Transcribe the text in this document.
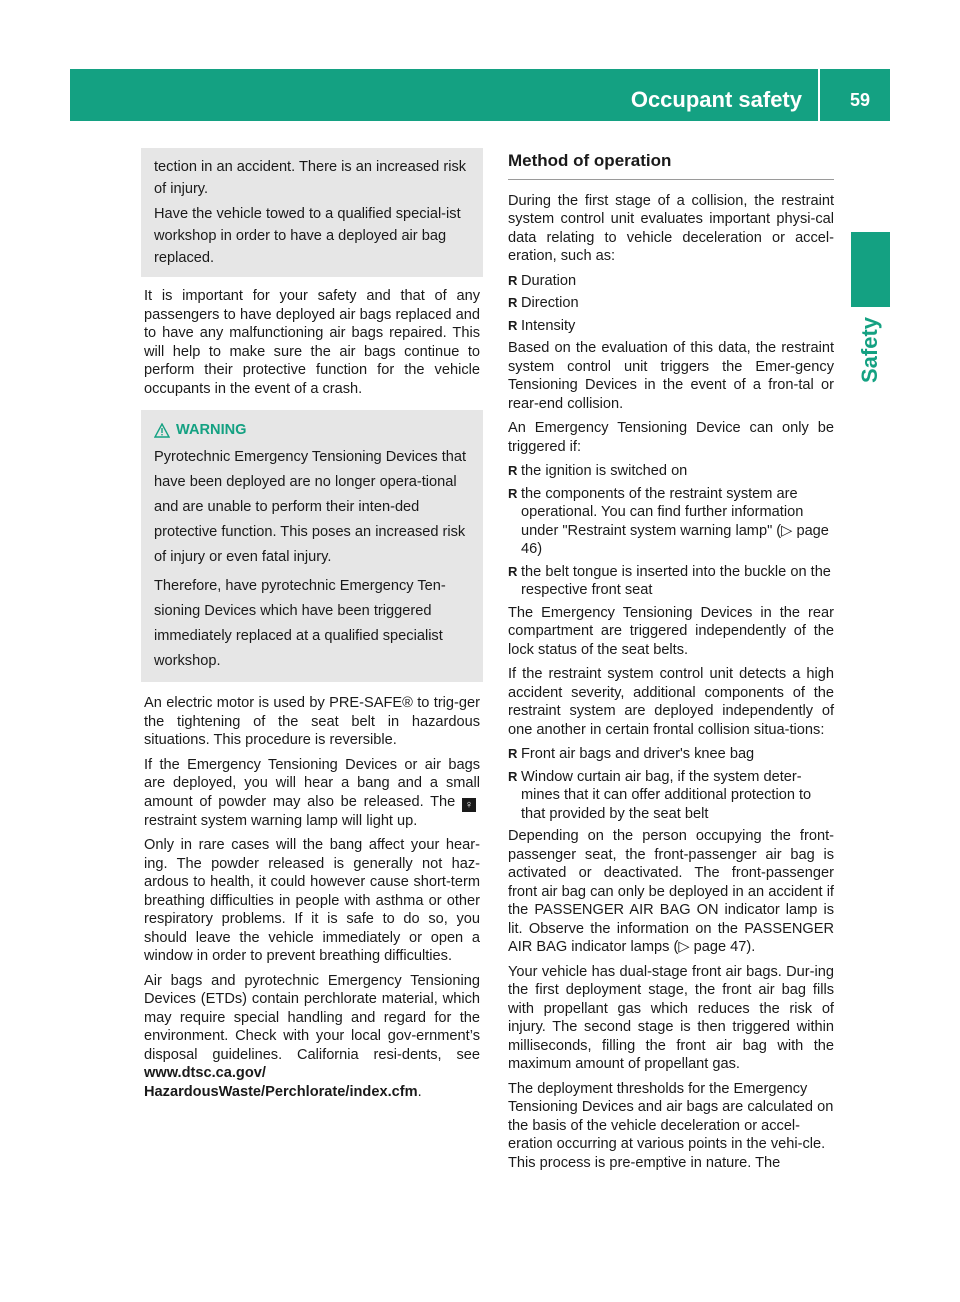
Occupant safety	59
Safety

tection in an accident. There is an increased risk of injury.

Have the vehicle towed to a qualified special-ist workshop in order to have a deployed air bag replaced.

It is important for your safety and that of any passengers to have deployed air bags replaced and to have any malfunctioning air bags repaired. This will help to make sure the air bags continue to perform their protective function for the vehicle occupants in the event of a crash.

WARNING

Pyrotechnic Emergency Tensioning Devices that have been deployed are no longer opera-tional and are unable to perform their inten-ded protective function. This poses an increased risk of injury or even fatal injury.

Therefore, have pyrotechnic Emergency Ten-sioning Devices which have been triggered immediately replaced at a qualified specialist workshop.

An electric motor is used by PRE-SAFE® to trig-ger the tightening of the seat belt in hazardous situations. This procedure is reversible.

If the Emergency Tensioning Devices or air bags are deployed, you will hear a bang and a small amount of powder may also be released. The ♀restraint system warning lamp will light up.

Only in rare cases will the bang affect your hear-ing. The powder released is generally not haz-ardous to health, it could however cause short-term breathing difficulties in people with asthma or other respiratory problems. If it is safe to do so, you should leave the vehicle immediately or open a window in order to prevent breathing difficulties.

Air bags and pyrotechnic Emergency Tensioning Devices (ETDs) contain perchlorate material, which may require special handling and regard for the environment. Check with your local gov-ernment’s disposal guidelines. California resi-dents, see www.dtsc.ca.gov/ HazardousWaste/Perchlorate/index.cfm.

Method of operation

During the first stage of a collision, the restraint system control unit evaluates important physi-cal data relating to vehicle deceleration or accel-eration, such as:

R Duration
R Direction
R Intensity

Based on the evaluation of this data, the restraint system control unit triggers the Emer-gency Tensioning Devices in the event of a fron-tal or rear-end collision.

An Emergency Tensioning Device can only be triggered if:

R the ignition is switched on
R the components of the restraint system are operational. You can find further information under "Restraint system warning lamp" (▷ page 46)
R the belt tongue is inserted into the buckle on the respective front seat

The Emergency Tensioning Devices in the rear compartment are triggered independently of the lock status of the seat belts.

If the restraint system control unit detects a high accident severity, additional components of the restraint system are deployed independently of one another in certain frontal collision situa-tions:

R Front air bags and driver's knee bag
R Window curtain air bag, if the system deter-mines that it can offer additional protection to that provided by the seat belt

Depending on the person occupying the front-passenger seat, the front-passenger air bag is activated or deactivated. The front-passenger front air bag can only be deployed in an accident if the PASSENGER AIR BAG ON indicator lamp is lit. Observe the information on the PASSENGER AIR BAG indicator lamps (▷ page 47).

Your vehicle has dual-stage front air bags. Dur-ing the first deployment stage, the front air bag fills with propellant gas which reduces the risk of injury. The second stage is then triggered within milliseconds, filling the front air bag with the maximum amount of propellant gas.

The deployment thresholds for the Emergency Tensioning Devices and air bags are calculated on the basis of the vehicle deceleration or accel-eration occurring at various points in the vehi-cle. This process is pre-emptive in nature. The
